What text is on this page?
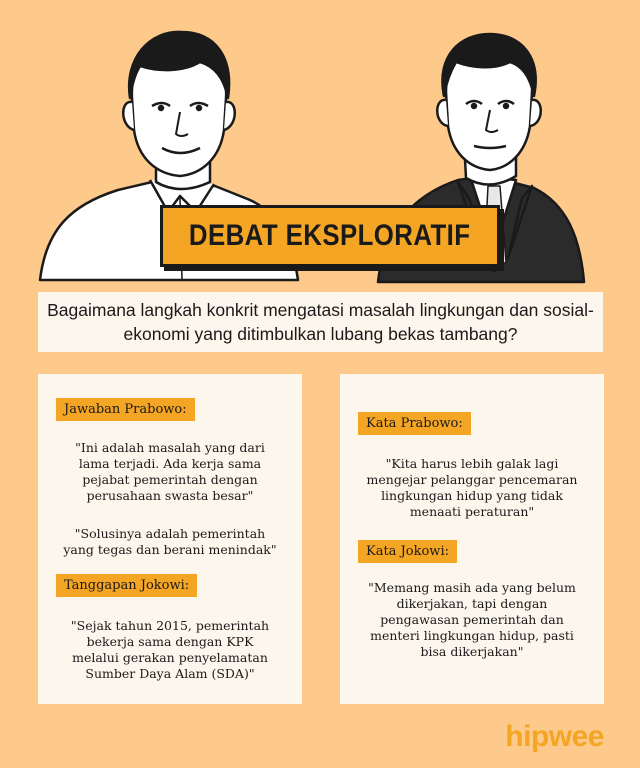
DEBAT EKSPLORATIF
Bagaimana langkah konkrit mengatasi masalah lingkungan dan sosial-ekonomi yang ditimbulkan lubang bekas tambang?
Jawaban Prabowo:
"Ini adalah masalah yang dari
lama terjadi. Ada kerja sama
pejabat pemerintah dengan
perusahaan swasta besar"
"Solusinya adalah pemerintah
yang tegas dan berani menindak"
Tanggapan Jokowi:
"Sejak tahun 2015, pemerintah
bekerja sama dengan KPK
melalui gerakan penyelamatan
Sumber Daya Alam (SDA)"
Kata Prabowo:
"Kita harus lebih galak lagi
mengejar pelanggar pencemaran
lingkungan hidup yang tidak
menaati peraturan"
Kata Jokowi:
"Memang masih ada yang belum
dikerjakan, tapi dengan
pengawasan pemerintah dan
menteri lingkungan hidup, pasti
bisa dikerjakan"
hipwee
